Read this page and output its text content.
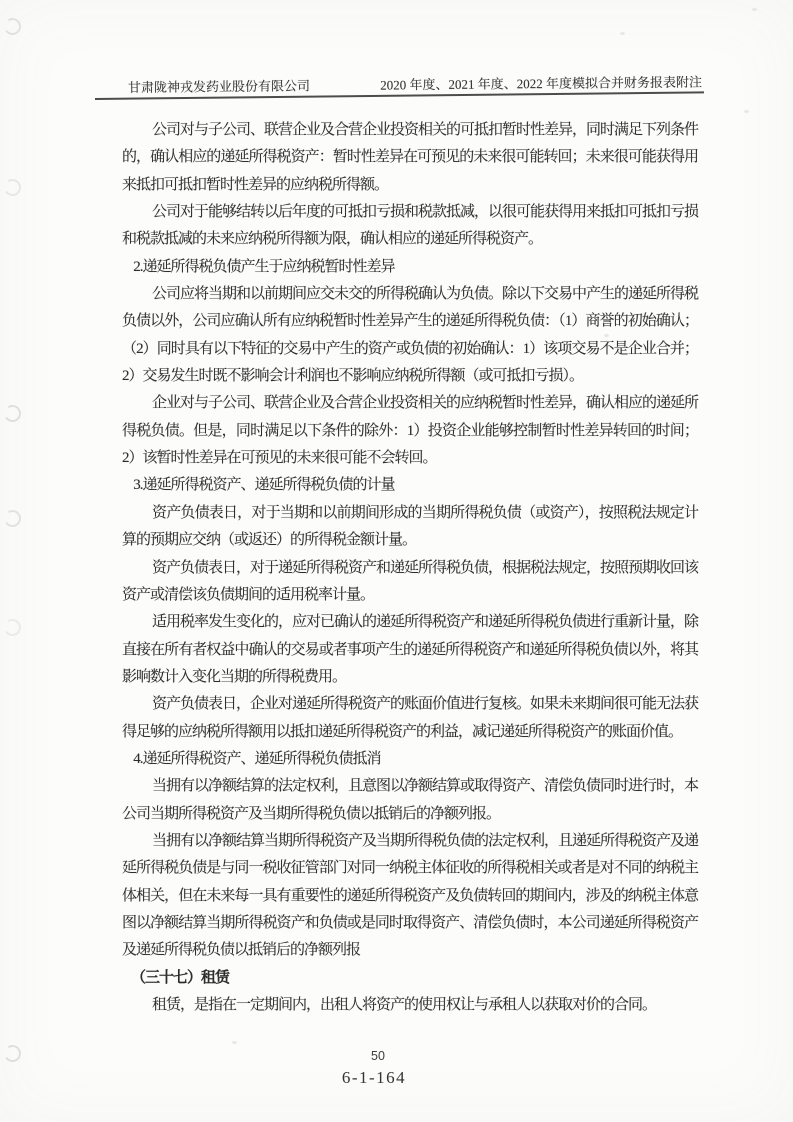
甘肃陇神戎发药业股份有限公司	2020 年度、2021 年度、2022 年度模拟合并财务报表附注

公司对与子公司、联营企业及合营企业投资相关的可抵扣暂时性差异，同时满足下列条件的，确认相应的递延所得税资产：暂时性差异在可预见的未来很可能转回；未来很可能获得用来抵扣可抵扣暂时性差异的应纳税所得额。

公司对于能够结转以后年度的可抵扣亏损和税款抵减，以很可能获得用来抵扣可抵扣亏损和税款抵减的未来应纳税所得额为限，确认相应的递延所得税资产。

2.递延所得税负债产生于应纳税暂时性差异

公司应将当期和以前期间应交未交的所得税确认为负债。除以下交易中产生的递延所得税负债以外，公司应确认所有应纳税暂时性差异产生的递延所得税负债：（1）商誉的初始确认；（2）同时具有以下特征的交易中产生的资产或负债的初始确认：1）该项交易不是企业合并；2）交易发生时既不影响会计利润也不影响应纳税所得额（或可抵扣亏损）。

企业对与子公司、联营企业及合营企业投资相关的应纳税暂时性差异，确认相应的递延所得税负债。但是，同时满足以下条件的除外：1）投资企业能够控制暂时性差异转回的时间；2）该暂时性差异在可预见的未来很可能不会转回。

3.递延所得税资产、递延所得税负债的计量

资产负债表日，对于当期和以前期间形成的当期所得税负债（或资产），按照税法规定计算的预期应交纳（或返还）的所得税金额计量。

资产负债表日，对于递延所得税资产和递延所得税负债，根据税法规定，按照预期收回该资产或清偿该负债期间的适用税率计量。

适用税率发生变化的，应对已确认的递延所得税资产和递延所得税负债进行重新计量，除直接在所有者权益中确认的交易或者事项产生的递延所得税资产和递延所得税负债以外，将其影响数计入变化当期的所得税费用。

资产负债表日，企业对递延所得税资产的账面价值进行复核。如果未来期间很可能无法获得足够的应纳税所得额用以抵扣递延所得税资产的利益，减记递延所得税资产的账面价值。

4.递延所得税资产、递延所得税负债抵消

当拥有以净额结算的法定权利，且意图以净额结算或取得资产、清偿负债同时进行时，本公司当期所得税资产及当期所得税负债以抵销后的净额列报。

当拥有以净额结算当期所得税资产及当期所得税负债的法定权利，且递延所得税资产及递延所得税负债是与同一税收征管部门对同一纳税主体征收的所得税相关或者是对不同的纳税主体相关，但在未来每一具有重要性的递延所得税资产及负债转回的期间内，涉及的纳税主体意图以净额结算当期所得税资产和负债或是同时取得资产、清偿负债时，本公司递延所得税资产及递延所得税负债以抵销后的净额列报

（三十七）租赁

租赁，是指在一定期间内，出租人将资产的使用权让与承租人以获取对价的合同。

50
6-1-164
